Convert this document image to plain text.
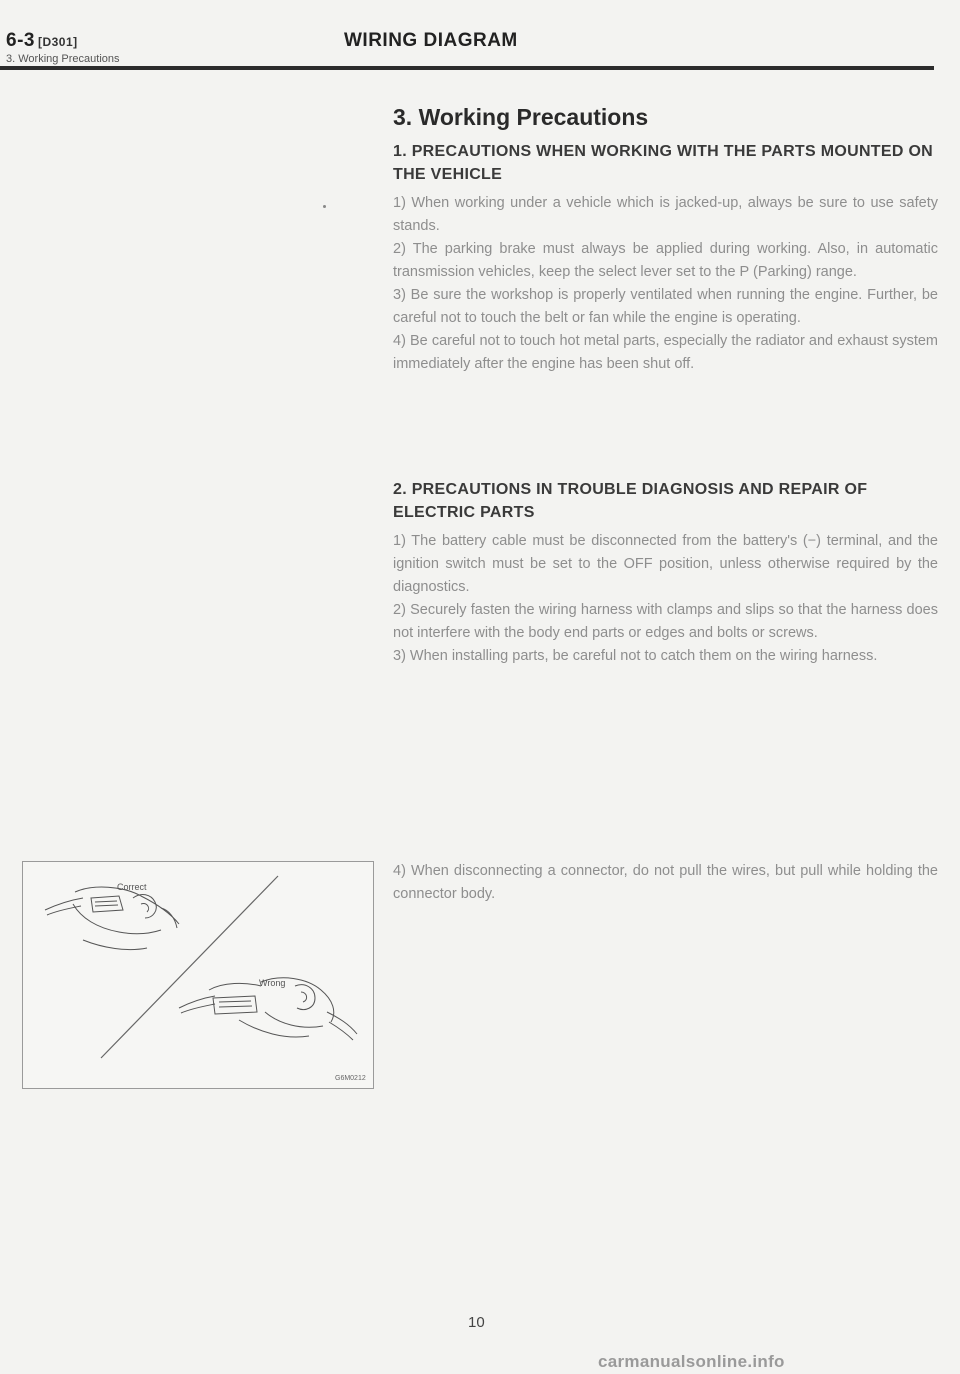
6-3 [D301]
3. Working Precautions
WIRING DIAGRAM
3. Working Precautions
1. PRECAUTIONS WHEN WORKING WITH THE PARTS MOUNTED ON THE VEHICLE

1) When working under a vehicle which is jacked-up, always be sure to use safety stands.

2) The parking brake must always be applied during working. Also, in automatic transmission vehicles, keep the select lever set to the P (Parking) range.

3) Be sure the workshop is properly ventilated when running the engine. Further, be careful not to touch the belt or fan while the engine is operating.

4) Be careful not to touch hot metal parts, especially the radiator and exhaust system immediately after the engine has been shut off.

2. PRECAUTIONS IN TROUBLE DIAGNOSIS AND REPAIR OF ELECTRIC PARTS

1) The battery cable must be disconnected from the battery's (−) terminal, and the ignition switch must be set to the OFF position, unless otherwise required by the diagnostics.

2) Securely fasten the wiring harness with clamps and slips so that the harness does not interfere with the body end parts or edges and bolts or screws.

3) When installing parts, be careful not to catch them on the wiring harness.

4) When disconnecting a connector, do not pull the wires, but pull while holding the connector body.
Correct
Wrong
G6M0212
10
carmanualsonline.info
